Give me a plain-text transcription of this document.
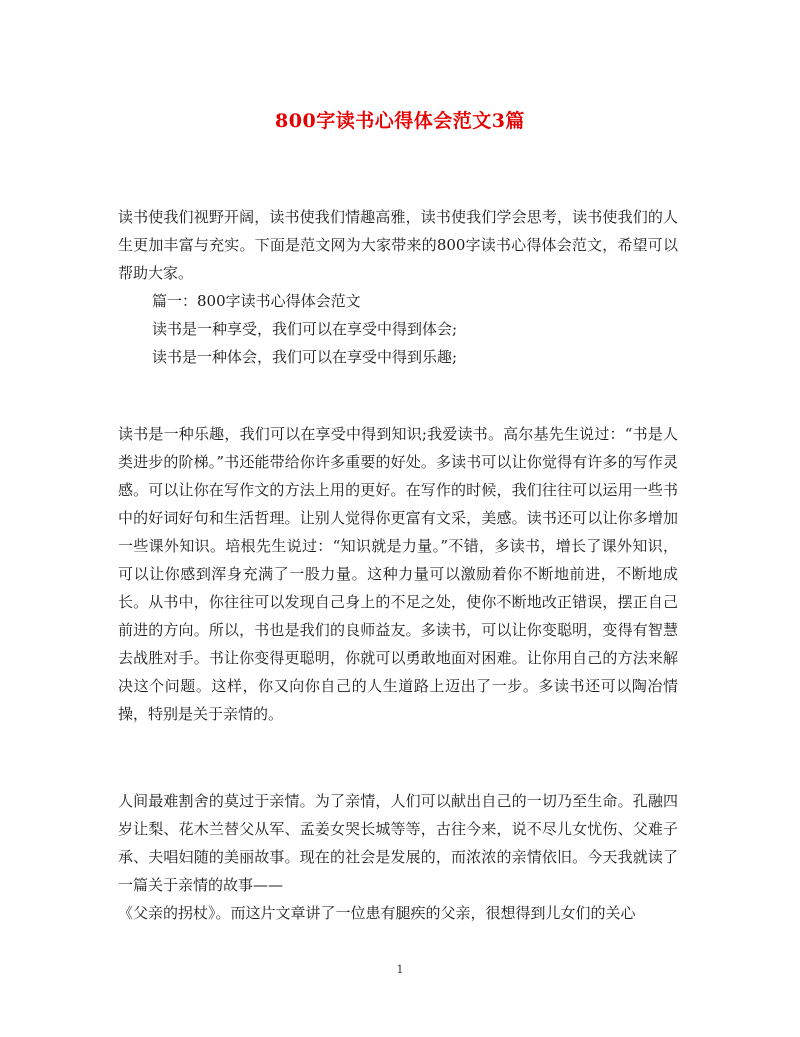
800字读书心得体会范文3篇

读书使我们视野开阔，读书使我们情趣高雅，读书使我们学会思考，读书使我们的人生更加丰富与充实。下面是范文网为大家带来的800字读书心得体会范文，希望可以帮助大家。

篇一：800字读书心得体会范文

读书是一种享受，我们可以在享受中得到体会;

读书是一种体会，我们可以在享受中得到乐趣;

读书是一种乐趣，我们可以在享受中得到知识;我爱读书。高尔基先生说过：“书是人类进步的阶梯。”书还能带给你许多重要的好处。多读书可以让你觉得有许多的写作灵感。可以让你在写作文的方法上用的更好。在写作的时候，我们往往可以运用一些书中的好词好句和生活哲理。让别人觉得你更富有文采，美感。读书还可以让你多增加一些课外知识。培根先生说过：“知识就是力量。”不错，多读书，增长了课外知识，可以让你感到浑身充满了一股力量。这种力量可以激励着你不断地前进，不断地成长。从书中，你往往可以发现自己身上的不足之处，使你不断地改正错误，摆正自己前进的方向。所以，书也是我们的良师益友。多读书，可以让你变聪明，变得有智慧去战胜对手。书让你变得更聪明，你就可以勇敢地面对困难。让你用自己的方法来解决这个问题。这样，你又向你自己的人生道路上迈出了一步。多读书还可以陶冶情操，特别是关于亲情的。

人间最难割舍的莫过于亲情。为了亲情，人们可以献出自己的一切乃至生命。孔融四岁让梨、花木兰替父从军、孟姜女哭长城等等，古往今来，说不尽儿女忧伤、父难子承、夫唱妇随的美丽故事。现在的社会是发展的，而浓浓的亲情依旧。今天我就读了一篇关于亲情的故事——

《父亲的拐杖》。而这片文章讲了一位患有腿疾的父亲，很想得到儿女们的关心

1
